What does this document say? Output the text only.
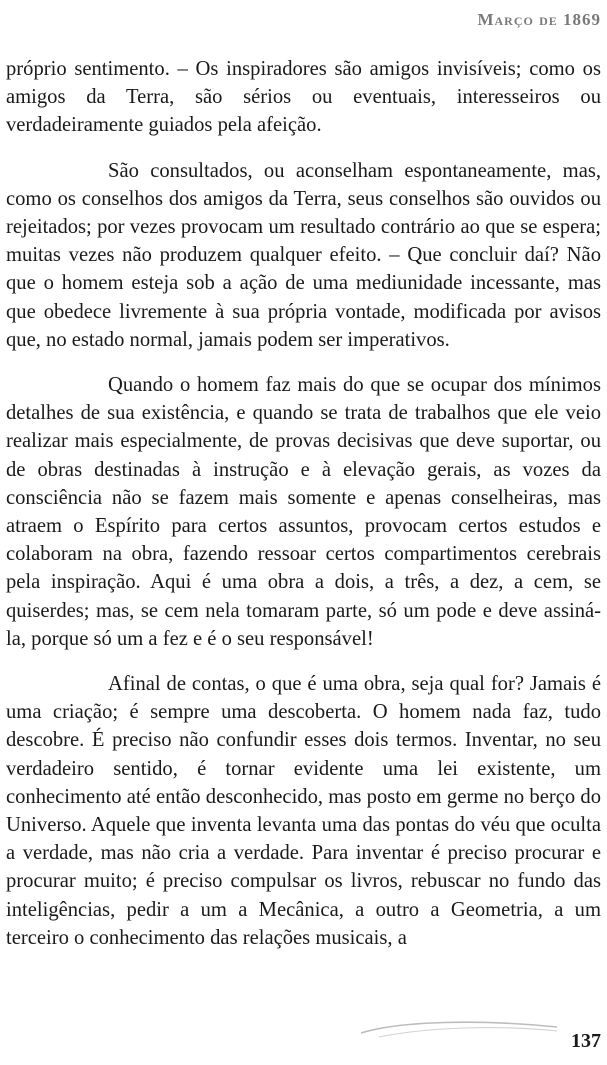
Março de 1869

próprio sentimento. – Os inspiradores são amigos invisíveis; como os amigos da Terra, são sérios ou eventuais, interesseiros ou verdadeiramente guiados pela afeição.

São consultados, ou aconselham espontaneamente, mas, como os conselhos dos amigos da Terra, seus conselhos são ouvidos ou rejeitados; por vezes provocam um resultado contrário ao que se espera; muitas vezes não produzem qualquer efeito. – Que concluir daí? Não que o homem esteja sob a ação de uma mediunidade incessante, mas que obedece livremente à sua própria vontade, modificada por avisos que, no estado normal, jamais podem ser imperativos.

Quando o homem faz mais do que se ocupar dos mínimos detalhes de sua existência, e quando se trata de trabalhos que ele veio realizar mais especialmente, de provas decisivas que deve suportar, ou de obras destinadas à instrução e à elevação gerais, as vozes da consciência não se fazem mais somente e apenas conselheiras, mas atraem o Espírito para certos assuntos, provocam certos estudos e colaboram na obra, fazendo ressoar certos compartimentos cerebrais pela inspiração. Aqui é uma obra a dois, a três, a dez, a cem, se quiserdes; mas, se cem nela tomaram parte, só um pode e deve assiná-la, porque só um a fez e é o seu responsável!

Afinal de contas, o que é uma obra, seja qual for? Jamais é uma criação; é sempre uma descoberta. O homem nada faz, tudo descobre. É preciso não confundir esses dois termos. Inventar, no seu verdadeiro sentido, é tornar evidente uma lei existente, um conhecimento até então desconhecido, mas posto em germe no berço do Universo. Aquele que inventa levanta uma das pontas do véu que oculta a verdade, mas não cria a verdade. Para inventar é preciso procurar e procurar muito; é preciso compulsar os livros, rebuscar no fundo das inteligências, pedir a um a Mecânica, a outro a Geometria, a um terceiro o conhecimento das relações musicais, a

137
